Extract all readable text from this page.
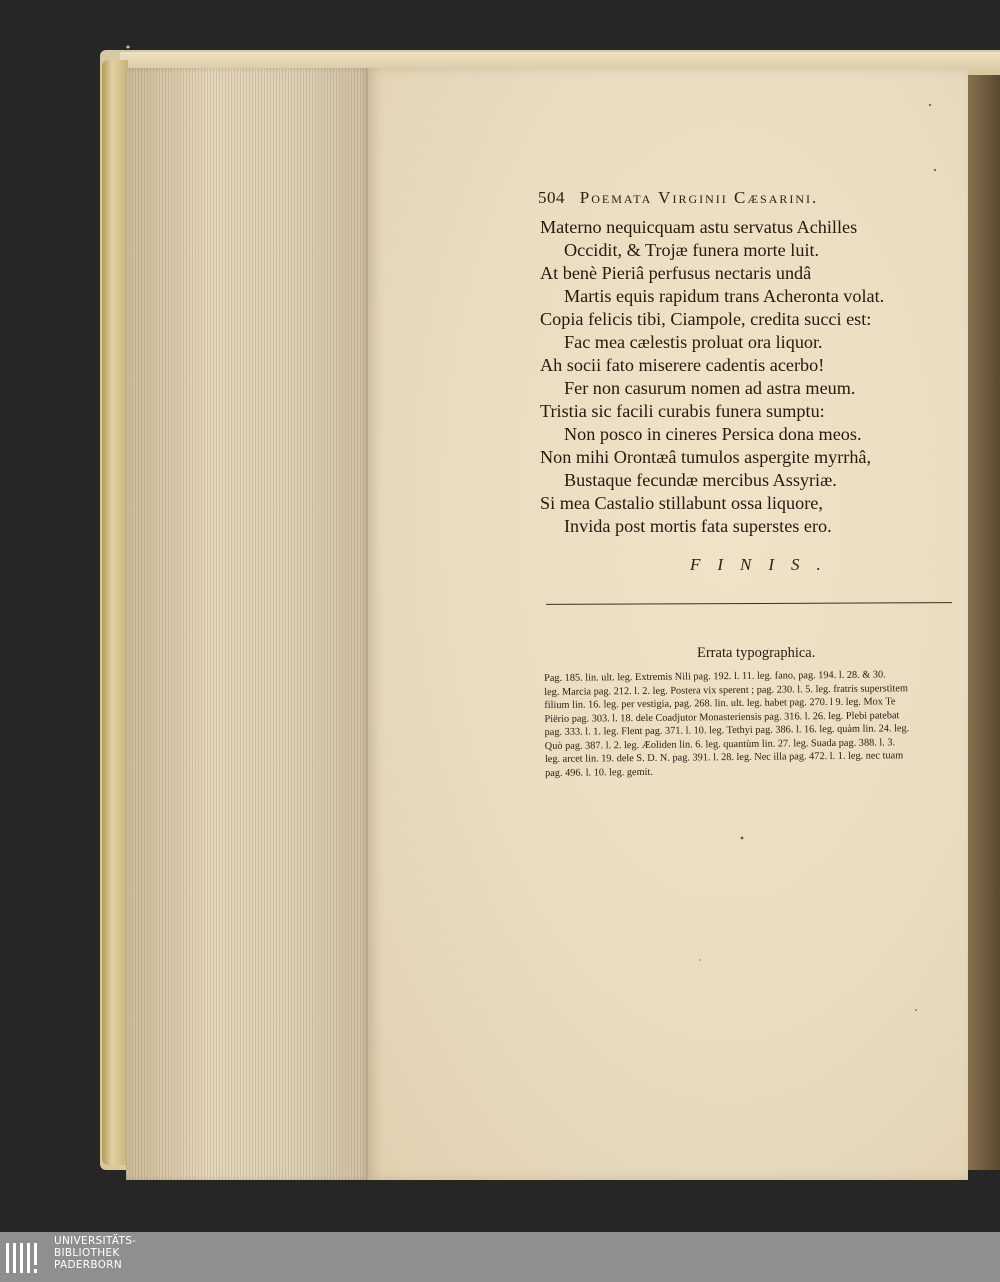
504 Poemata Virginii Cæsarini.
Materno nequicquam astu servatus Achilles
Occidit, & Trojæ funera morte luit.
At benè Pieriâ perfusus nectaris undâ
Martis equis rapidum trans Acheronta volat.
Copia felicis tibi, Ciampole, credita succi est:
Fac mea cælestis proluat ora liquor.
Ah socii fato miserere cadentis acerbo!
Fer non casurum nomen ad astra meum.
Tristia sic facili curabis funera sumptu:
Non posco in cineres Persica dona meos.
Non mihi Orontæâ tumulos aspergite myrrhâ,
Bustaque fecundæ mercibus Assyriæ.
Si mea Castalio stillabunt ossa liquore,
Invida post mortis fata superstes ero.
FINIS.
Errata typographica.
Pag. 185. lin. ult. leg. Extremis Nili pag. 192. l. 11. leg. fano, pag. 194. l. 28. & 30.
leg. Marcia pag. 212. l. 2. leg. Postera vix sperent ; pag. 230. l. 5. leg. fratris superstitem
filium lin. 16. leg. per vestigia, pag. 268. lin. ult. leg. habet pag. 270. l 9. leg. Mox Te
Piërio pag. 303. l. 18. dele Coadjutor Monasteriensis pag. 316. l. 26. leg. Plebi patebat
pag. 333. l. 1. leg. Flent pag. 371. l. 10. leg. Tethyi pag. 386. l. 16. leg. quàm lin. 24. leg.
Quò pag. 387. l. 2. leg. Æoliden lin. 6. leg. quantùm lin. 27. leg. Suada pag. 388. l. 3.
leg. arcet lin. 19. dele S. D. N. pag. 391. l. 28. leg. Nec illa pag. 472. l. 1. leg. nec tuam
pag. 496. l. 10. leg. gemit.
UNIVERSITÄTS-
BIBLIOTHEK
PADERBORN
